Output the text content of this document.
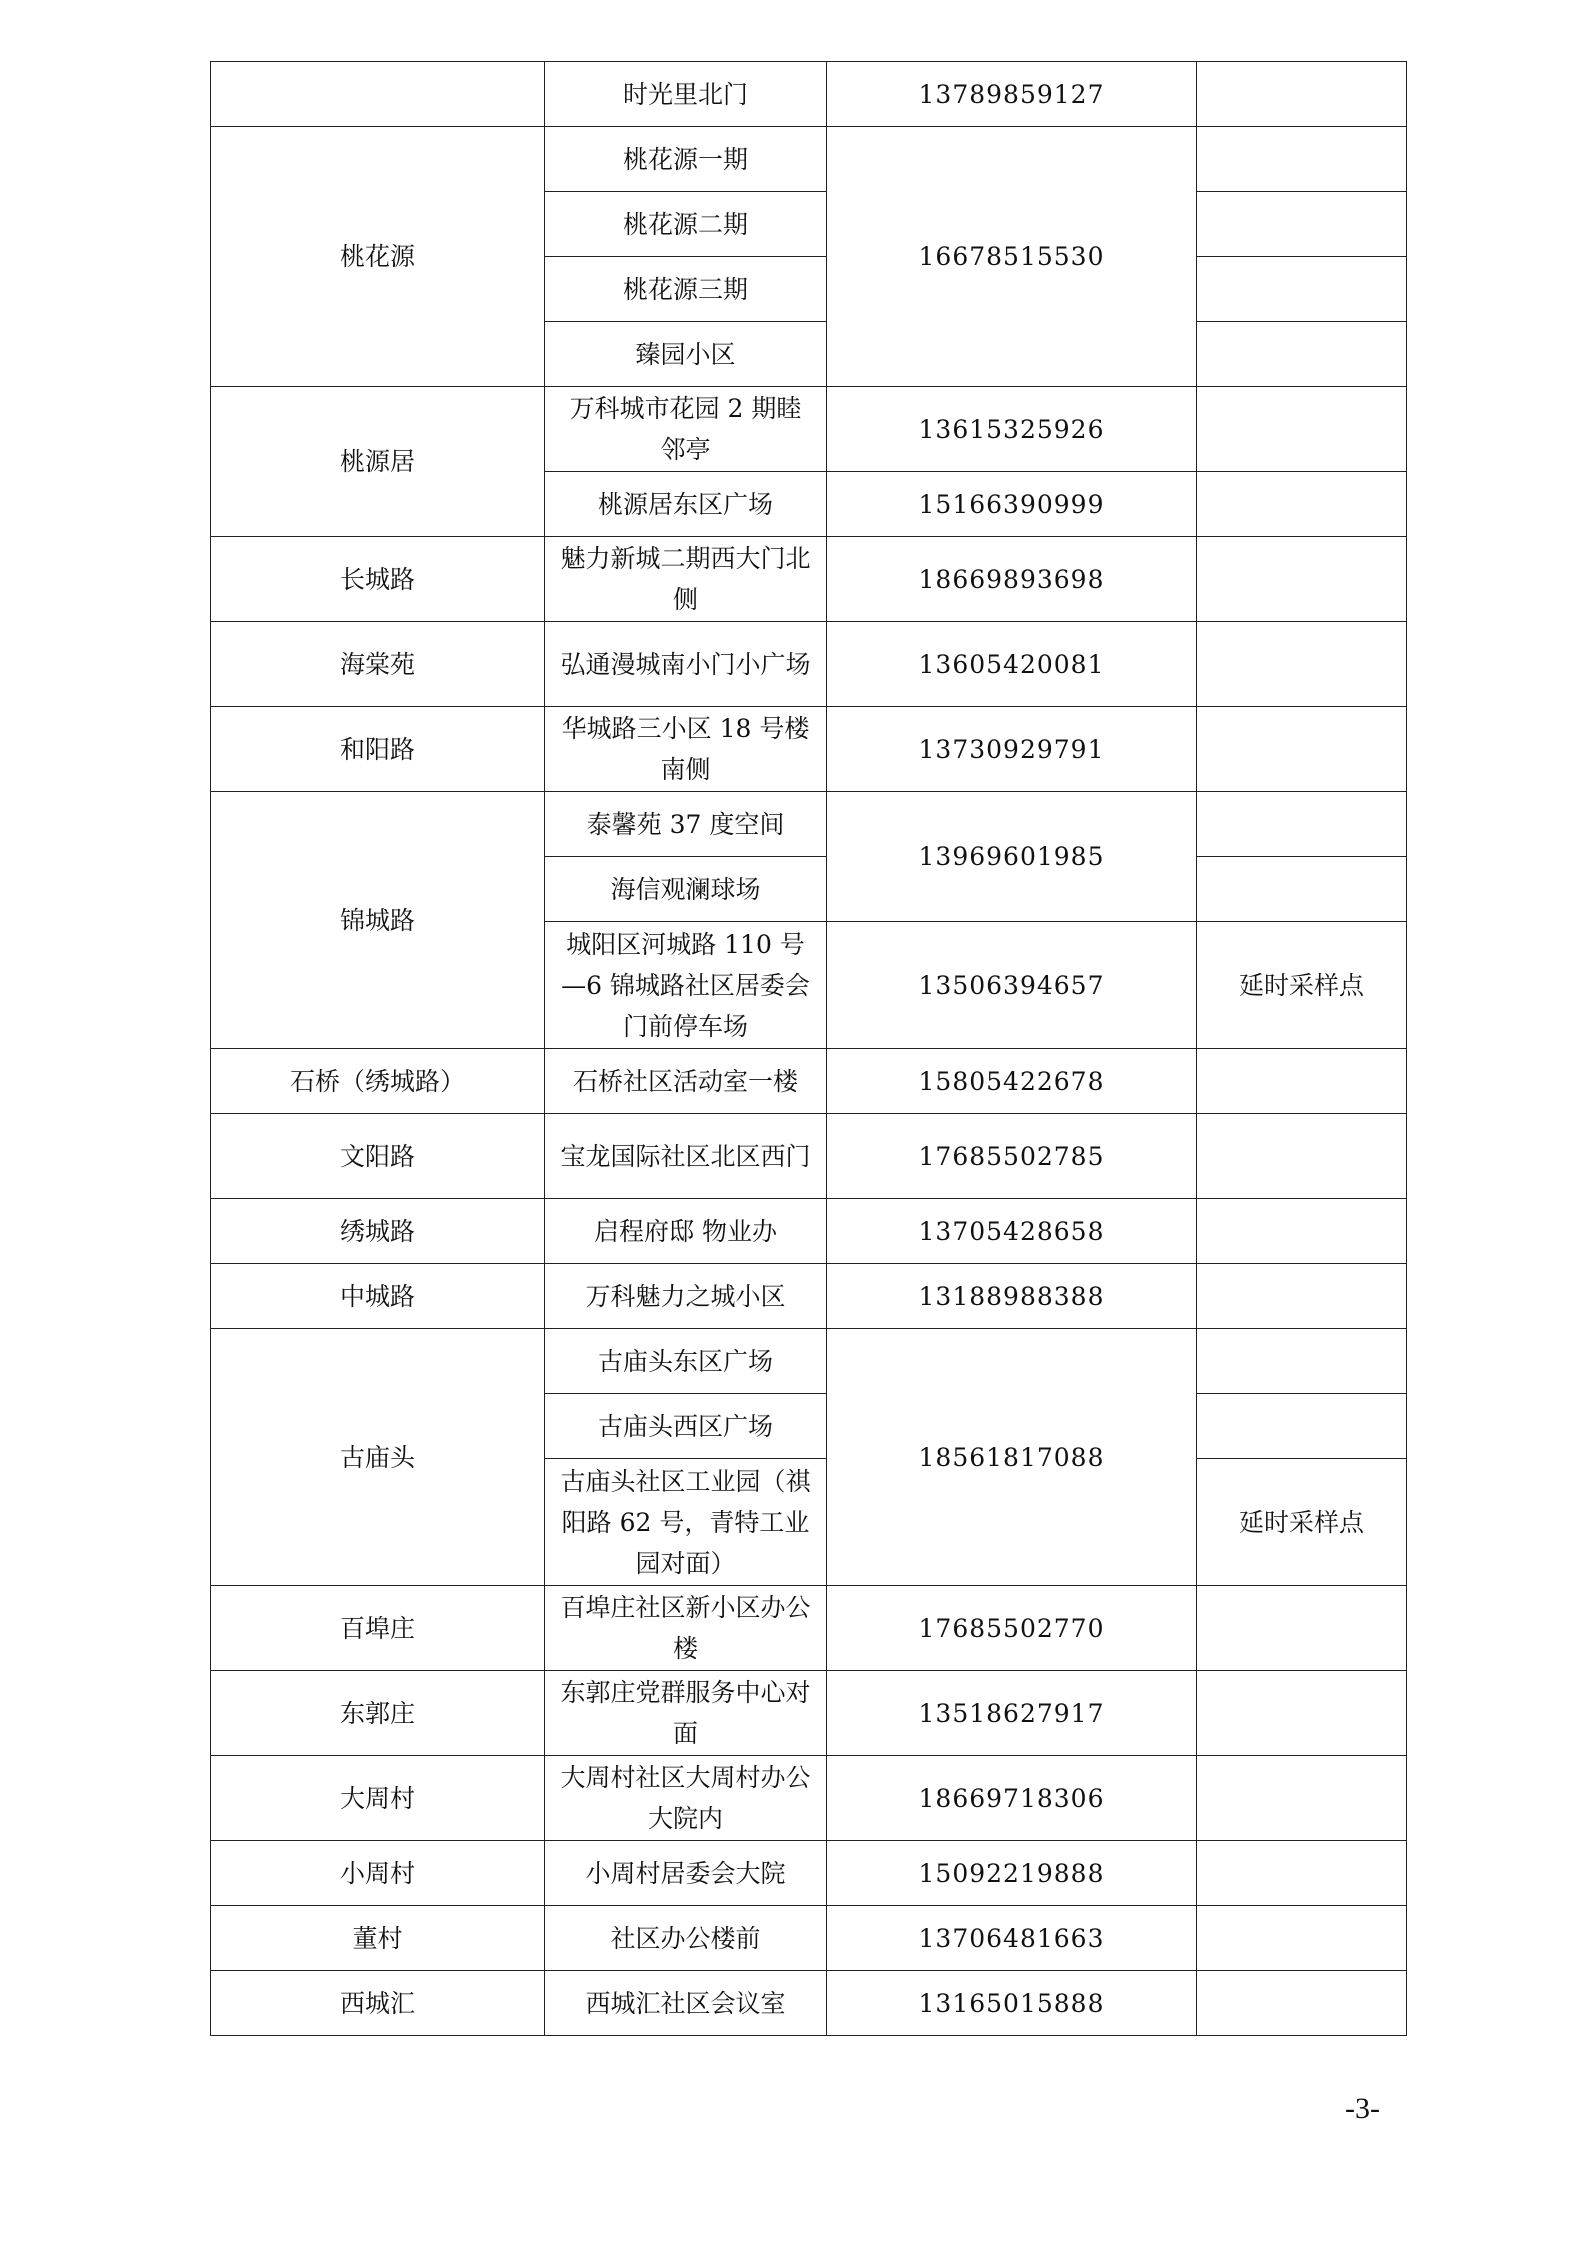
	时光里北门	13789859127	
桃花源	桃花源一期	16678515530	
	桃花源二期		
	桃花源三期		
	臻园小区		
桃源居	万科城市花园 2 期睦邻亭	13615325926	
	桃源居东区广场	15166390999	
长城路	魅力新城二期西大门北侧	18669893698	
海棠苑	弘通漫城南小门小广场	13605420081	
和阳路	华城路三小区 18 号楼南侧	13730929791	
锦城路	泰馨苑 37 度空间	13969601985	
	海信观澜球场		
	城阳区河城路 110 号—6 锦城路社区居委会门前停车场	13506394657	延时采样点
石桥（绣城路）	石桥社区活动室一楼	15805422678	
文阳路	宝龙国际社区北区西门	17685502785	
绣城路	启程府邸 物业办	13705428658	
中城路	万科魅力之城小区	13188988388	
古庙头	古庙头东区广场	18561817088	
	古庙头西区广场		
	古庙头社区工业园（祺阳路 62 号，青特工业园对面）		延时采样点
百埠庄	百埠庄社区新小区办公楼	17685502770	
东郭庄	东郭庄党群服务中心对面	13518627917	
大周村	大周村社区大周村办公大院内	18669718306	
小周村	小周村居委会大院	15092219888	
董村	社区办公楼前	13706481663	
西城汇	西城汇社区会议室	13165015888	
-3-
